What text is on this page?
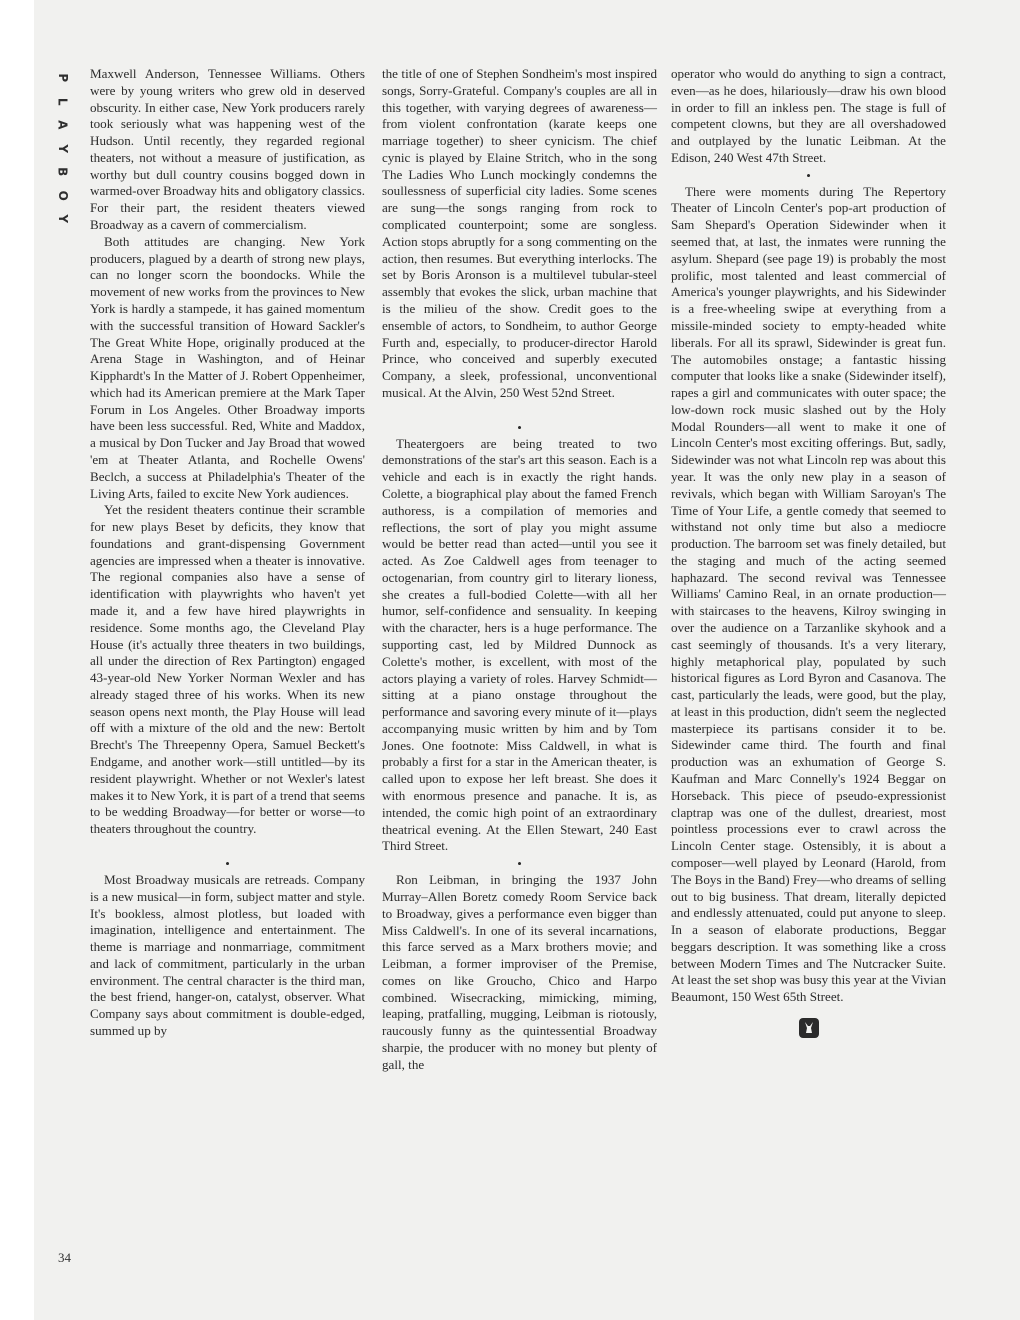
P
L
A
Y
B
O
Y
34

Maxwell Anderson, Tennessee Williams. Others were by young writers who grew old in deserved obscurity. In either case, New York producers rarely took seriously what was happening west of the Hudson. Until recently, they regarded regional theaters, not without a measure of justification, as worthy but dull country cousins bogged down in warmed-over Broadway hits and obligatory classics. For their part, the resident theaters viewed Broadway as a cavern of commercialism.

Both attitudes are changing. New York producers, plagued by a dearth of strong new plays, can no longer scorn the boondocks. While the movement of new works from the provinces to New York is hardly a stampede, it has gained momentum with the successful transition of Howard Sackler's The Great White Hope, originally produced at the Arena Stage in Washington, and of Heinar Kipphardt's In the Matter of J. Robert Oppenheimer, which had its American premiere at the Mark Taper Forum in Los Angeles. Other Broadway imports have been less successful. Red, White and Maddox, a musical by Don Tucker and Jay Broad that wowed 'em at Theater Atlanta, and Rochelle Owens' Beclch, a success at Philadelphia's Theater of the Living Arts, failed to excite New York audiences.

Yet the resident theaters continue their scramble for new plays Beset by deficits, they know that foundations and grant-dispensing Government agencies are impressed when a theater is innovative. The regional companies also have a sense of identification with playwrights who haven't yet made it, and a few have hired playwrights in residence. Some months ago, the Cleveland Play House (it's actually three theaters in two buildings, all under the direction of Rex Partington) engaged 43-year-old New Yorker Norman Wexler and has already staged three of his works. When its new season opens next month, the Play House will lead off with a mixture of the old and the new: Bertolt Brecht's The Threepenny Opera, Samuel Beckett's Endgame, and another work—still untitled—by its resident playwright. Whether or not Wexler's latest makes it to New York, it is part of a trend that seems to be wedding Broadway—for better or worse—to theaters throughout the country.

•

Most Broadway musicals are retreads. Company is a new musical—in form, subject matter and style. It's bookless, almost plotless, but loaded with imagination, intelligence and entertainment. The theme is marriage and nonmarriage, commitment and lack of commitment, particularly in the urban environment. The central character is the third man, the best friend, hanger-on, catalyst, observer. What Company says about commitment is double-edged, summed up by

the title of one of Stephen Sondheim's most inspired songs, Sorry-Grateful. Company's couples are all in this together, with varying degrees of awareness—from violent confrontation (karate keeps one marriage together) to sheer cynicism. The chief cynic is played by Elaine Stritch, who in the song The Ladies Who Lunch mockingly condemns the soullessness of superficial city ladies. Some scenes are sung—the songs ranging from rock to complicated counterpoint; some are songless. Action stops abruptly for a song commenting on the action, then resumes. But everything interlocks. The set by Boris Aronson is a multilevel tubular-steel assembly that evokes the slick, urban machine that is the milieu of the show. Credit goes to the ensemble of actors, to Sondheim, to author George Furth and, especially, to producer-director Harold Prince, who conceived and superbly executed Company, a sleek, professional, unconventional musical. At the Alvin, 250 West 52nd Street.

•

Theatergoers are being treated to two demonstrations of the star's art this season. Each is a vehicle and each is in exactly the right hands. Colette, a biographical play about the famed French authoress, is a compilation of memories and reflections, the sort of play you might assume would be better read than acted—until you see it acted. As Zoe Caldwell ages from teenager to octogenarian, from country girl to literary lioness, she creates a full-bodied Colette—with all her humor, self-confidence and sensuality. In keeping with the character, hers is a huge performance. The supporting cast, led by Mildred Dunnock as Colette's mother, is excellent, with most of the actors playing a variety of roles. Harvey Schmidt—sitting at a piano onstage throughout the performance and savoring every minute of it—plays accompanying music written by him and by Tom Jones. One footnote: Miss Caldwell, in what is probably a first for a star in the American theater, is called upon to expose her left breast. She does it with enormous presence and panache. It is, as intended, the comic high point of an extraordinary theatrical evening. At the Ellen Stewart, 240 East Third Street.

•

Ron Leibman, in bringing the 1937 John Murray–Allen Boretz comedy Room Service back to Broadway, gives a performance even bigger than Miss Caldwell's. In one of its several incarnations, this farce served as a Marx brothers movie; and Leibman, a former improviser of the Premise, comes on like Groucho, Chico and Harpo combined. Wisecracking, mimicking, miming, leaping, pratfalling, mugging, Leibman is riotously, raucously funny as the quintessential Broadway sharpie, the producer with no money but plenty of gall, the

operator who would do anything to sign a contract, even—as he does, hilariously—draw his own blood in order to fill an inkless pen. The stage is full of competent clowns, but they are all overshadowed and outplayed by the lunatic Leibman. At the Edison, 240 West 47th Street.

•

There were moments during The Repertory Theater of Lincoln Center's pop-art production of Sam Shepard's Operation Sidewinder when it seemed that, at last, the inmates were running the asylum. Shepard (see page 19) is probably the most prolific, most talented and least commercial of America's younger playwrights, and his Sidewinder is a free-wheeling swipe at everything from a missile-minded society to empty-headed white liberals. For all its sprawl, Sidewinder is great fun. The automobiles onstage; a fantastic hissing computer that looks like a snake (Sidewinder itself), rapes a girl and communicates with outer space; the low-down rock music slashed out by the Holy Modal Rounders—all went to make it one of Lincoln Center's most exciting offerings. But, sadly, Sidewinder was not what Lincoln rep was about this year. It was the only new play in a season of revivals, which began with William Saroyan's The Time of Your Life, a gentle comedy that seemed to withstand not only time but also a mediocre production. The barroom set was finely detailed, but the staging and much of the acting seemed haphazard. The second revival was Tennessee Williams' Camino Real, in an ornate production—with staircases to the heavens, Kilroy swinging in over the audience on a Tarzanlike skyhook and a cast seemingly of thousands. It's a very literary, highly metaphorical play, populated by such historical figures as Lord Byron and Casanova. The cast, particularly the leads, were good, but the play, at least in this production, didn't seem the neglected masterpiece its partisans consider it to be. Sidewinder came third. The fourth and final production was an exhumation of George S. Kaufman and Marc Connelly's 1924 Beggar on Horseback. This piece of pseudo-expressionist claptrap was one of the dullest, dreariest, most pointless processions ever to crawl across the Lincoln Center stage. Ostensibly, it is about a composer—well played by Leonard (Harold, from The Boys in the Band) Frey—who dreams of selling out to big business. That dream, literally depicted and endlessly attenuated, could put anyone to sleep. In a season of elaborate productions, Beggar beggars description. It was something like a cross between Modern Times and The Nutcracker Suite. At least the set shop was busy this year at the Vivian Beaumont, 150 West 65th Street.
